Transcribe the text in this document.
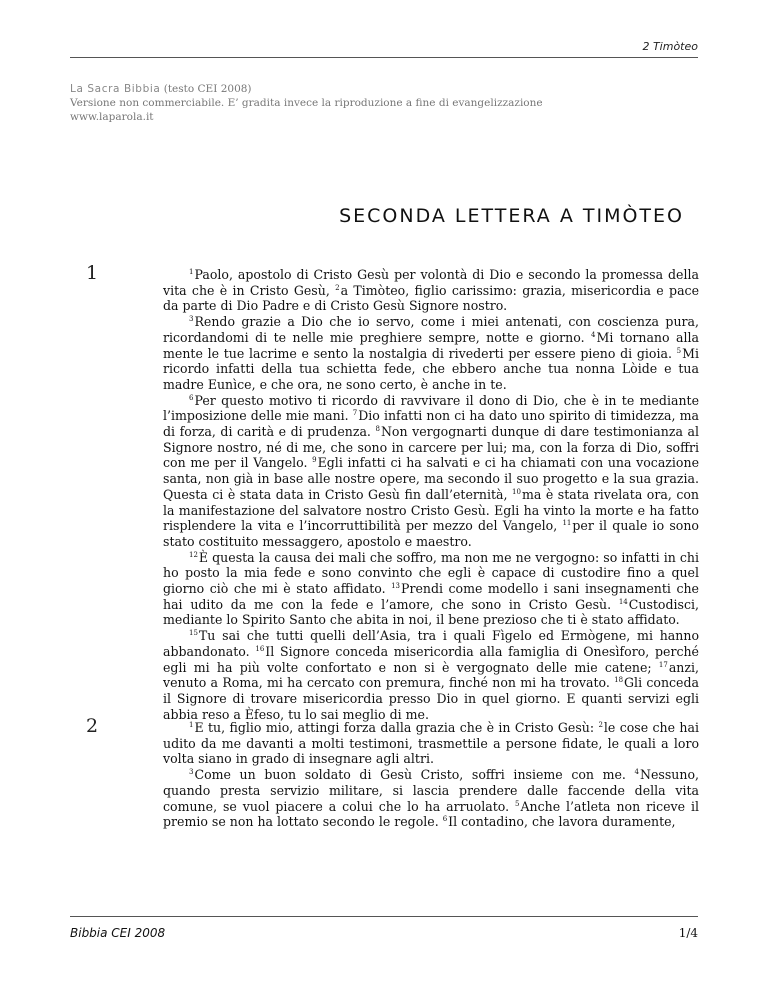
2 Timòteo
La Sacra Bibbia (testo CEI 2008)
Versione non commerciabile. E’ gradita invece la riproduzione a fine di evangelizzazione
www.laparola.it
SECONDA LETTERA A TIMÒTEO
1	$^1$Paolo, apostolo di Cristo Gesù per volontà di Dio e secondo la promessa della vita che è in Cristo Gesù, $^2$a Timòteo, figlio carissimo: grazia, misericordia e pace da parte di Dio Padre e di Cristo Gesù Signore nostro.

$^3$Rendo grazie a Dio che io servo, come i miei antenati, con coscienza pura, ricordandomi di te nelle mie preghiere sempre, notte e giorno. $^4$Mi tornano alla mente le tue lacrime e sento la nostalgia di rivederti per essere pieno di gioia. $^5$Mi ricordo infatti della tua schietta fede, che ebbero anche tua nonna Lòide e tua madre Eunìce, e che ora, ne sono certo, è anche in te.

$^6$Per questo motivo ti ricordo di ravvivare il dono di Dio, che è in te mediante l’imposizione delle mie mani. $^7$Dio infatti non ci ha dato uno spirito di timidezza, ma di forza, di carità e di prudenza. $^8$Non vergognarti dunque di dare testimonianza al Signore nostro, né di me, che sono in carcere per lui; ma, con la forza di Dio, soffri con me per il Vangelo. $^9$Egli infatti ci ha salvati e ci ha chiamati con una vocazione santa, non già in base alle nostre opere, ma secondo il suo progetto e la sua grazia. Questa ci è stata data in Cristo Gesù fin dall’eternità, $^{10}$ma è stata rivelata ora, con la manifestazione del salvatore nostro Cristo Gesù. Egli ha vinto la morte e ha fatto risplendere la vita e l’incorruttibilità per mezzo del Vangelo, $^{11}$per il quale io sono stato costituito messaggero, apostolo e maestro.

$^{12}$È questa la causa dei mali che soffro, ma non me ne vergogno: so infatti in chi ho posto la mia fede e sono convinto che egli è capace di custodire fino a quel giorno ciò che mi è stato affidato. $^{13}$Prendi come modello i sani insegnamenti che hai udito da me con la fede e l’amore, che sono in Cristo Gesù. $^{14}$Custodisci, mediante lo Spirito Santo che abita in noi, il bene prezioso che ti è stato affidato.

$^{15}$Tu sai che tutti quelli dell’Asia, tra i quali Fìgelo ed Ermògene, mi hanno abbandonato. $^{16}$Il Signore conceda misericordia alla famiglia di Onesìforo, perché egli mi ha più volte confortato e non si è vergognato delle mie catene; $^{17}$anzi, venuto a Roma, mi ha cercato con premura, finché non mi ha trovato. $^{18}$Gli conceda il Signore di trovare misericordia presso Dio in quel giorno. E quanti servizi egli abbia reso a Èfeso, tu lo sai meglio di me.

2	$^1$E tu, figlio mio, attingi forza dalla grazia che è in Cristo Gesù: $^2$le cose che hai udito da me davanti a molti testimoni, trasmettile a persone fidate, le quali a loro volta siano in grado di insegnare agli altri.

$^3$Come un buon soldato di Gesù Cristo, soffri insieme con me. $^4$Nessuno, quando presta servizio militare, si lascia prendere dalle faccende della vita comune, se vuol piacere a colui che lo ha arruolato. $^5$Anche l’atleta non riceve il premio se non ha lottato secondo le regole. $^6$Il contadino, che lavora duramente,

Bibbia CEI 2008	1/4
